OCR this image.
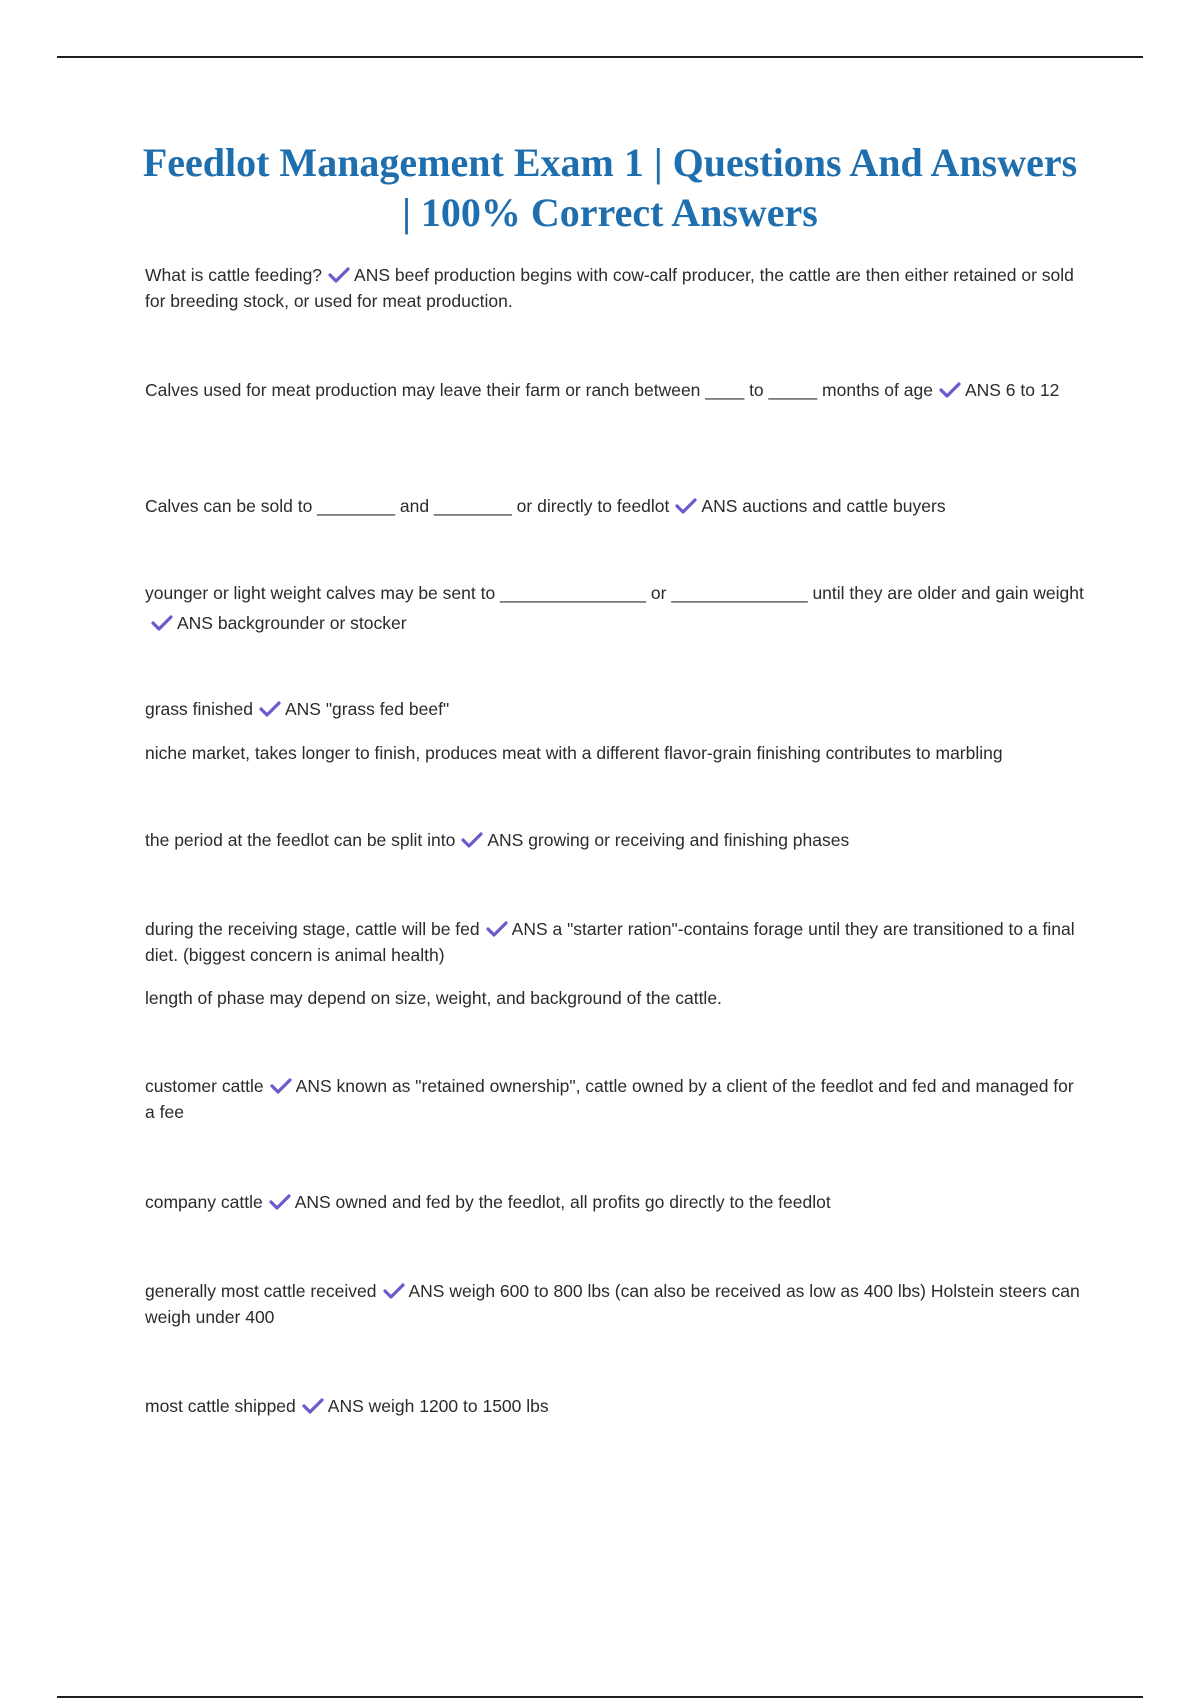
Feedlot Management Exam 1 | Questions And Answers
| 100% Correct Answers

What is cattle feeding? ANS beef production begins with cow-calf producer, the cattle are then either retained or sold for breeding stock, or used for meat production.

Calves used for meat production may leave their farm or ranch between ____ to _____ months of age ANS 6 to 12

Calves can be sold to ________ and ________ or directly to feedlot ANS auctions and cattle buyers

younger or light weight calves may be sent to _______________ or ______________ until they are older and gain weight
ANS backgrounder or stocker

grass finished ANS "grass fed beef"

niche market, takes longer to finish, produces meat with a different flavor-grain finishing contributes to marbling

the period at the feedlot can be split into ANS growing or receiving and finishing phases

during the receiving stage, cattle will be fed ANS a "starter ration"-contains forage until they are transitioned to a final diet. (biggest concern is animal health)

length of phase may depend on size, weight, and background of the cattle.

customer cattle ANS known as "retained ownership", cattle owned by a client of the feedlot and fed and managed for a fee

company cattle ANS owned and fed by the feedlot, all profits go directly to the feedlot

generally most cattle received ANS weigh 600 to 800 lbs (can also be received as low as 400 lbs) Holstein steers can weigh under 400

most cattle shipped ANS weigh 1200 to 1500 lbs
